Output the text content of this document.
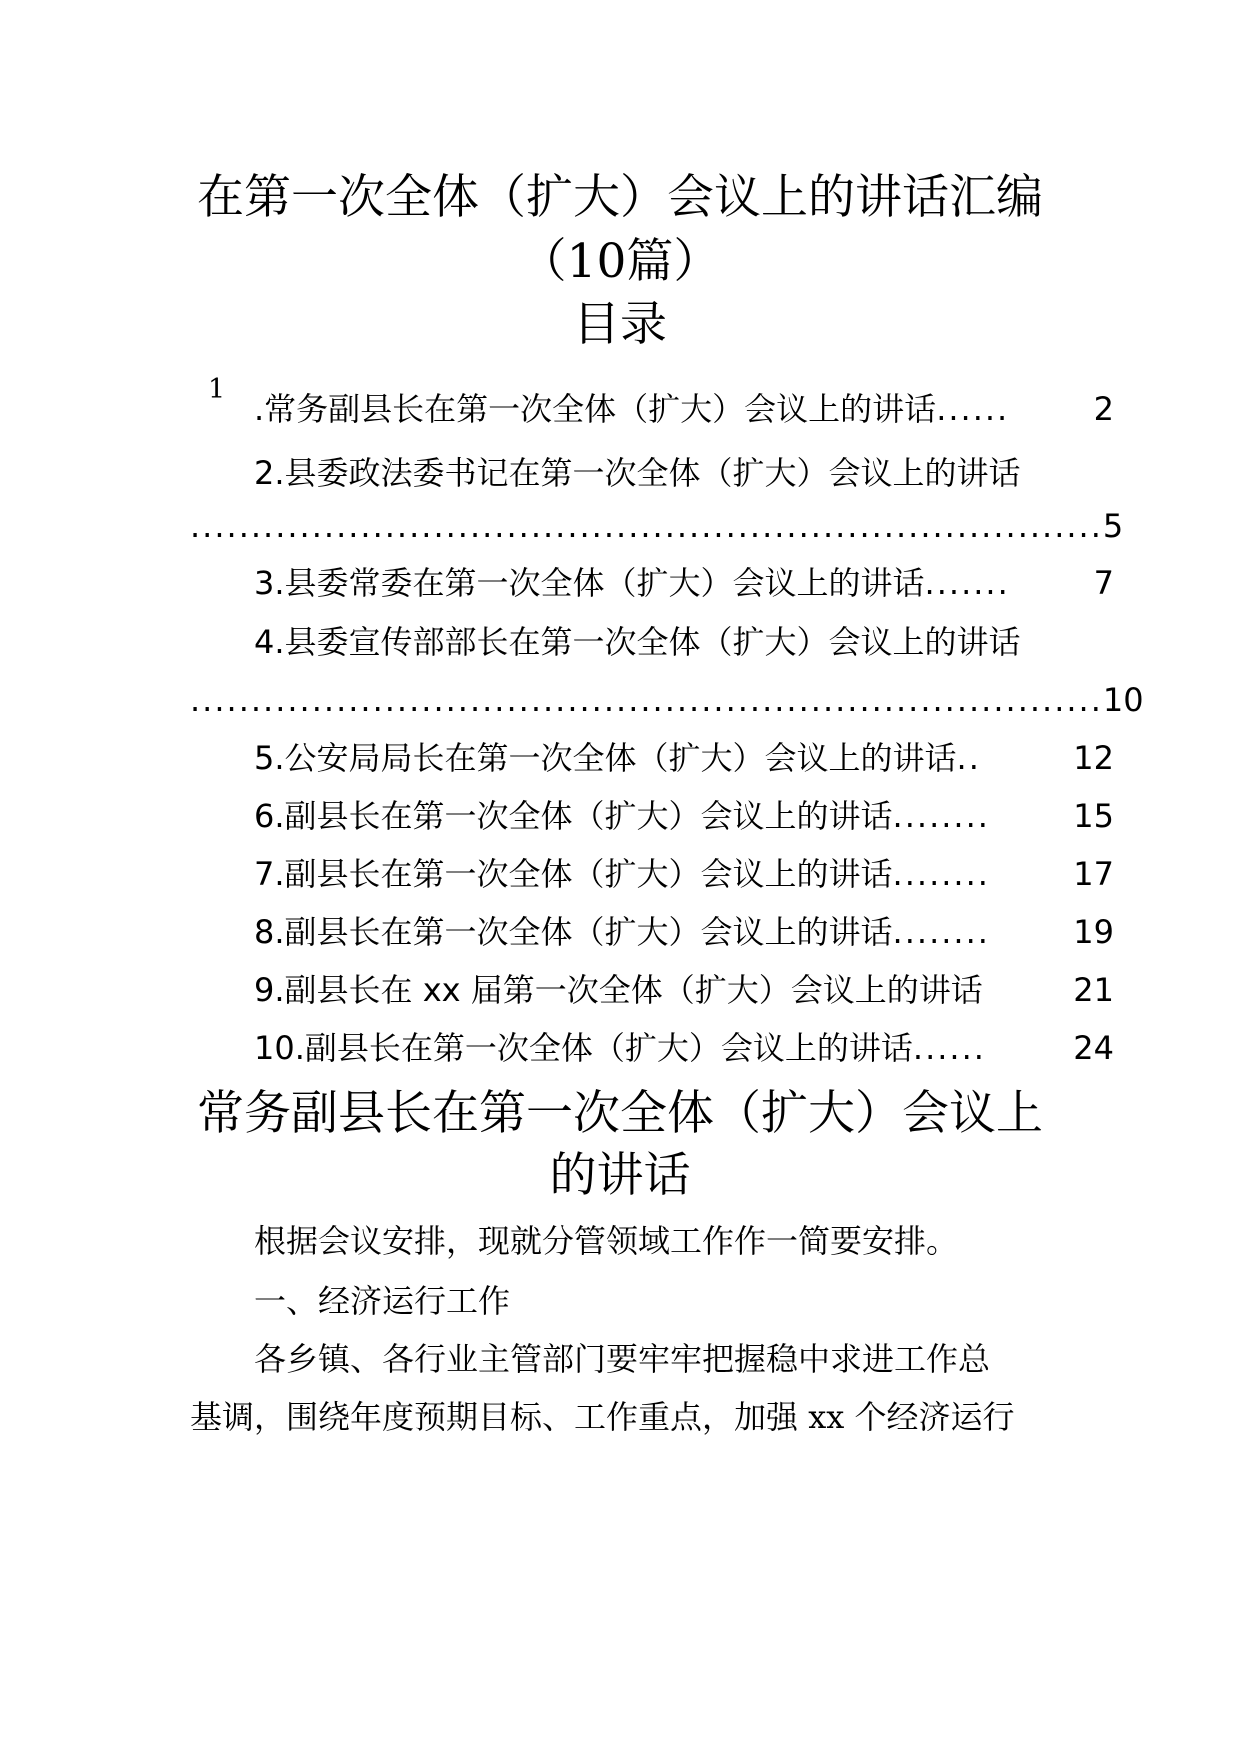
在第一次全体（扩大）会议上的讲话汇编
（10篇）
目录
1
.常务副县长在第一次全体（扩大）会议上的讲话 ......	2
2.县委政法委书记在第一次全体（扩大）会议上的讲话
........................................................................... 5
3.县委常委在第一次全体（扩大）会议上的讲话 .......	7
4.县委宣传部部长在第一次全体（扩大）会议上的讲话
........................................................................... 10
5.公安局局长在第一次全体（扩大）会议上的讲话 ..	12
6.副县长在第一次全体（扩大）会议上的讲话 ........	15
7.副县长在第一次全体（扩大）会议上的讲话 ........	17
8.副县长在第一次全体（扩大）会议上的讲话 ........	19
9.副县长在 xx 届第一次全体（扩大）会议上的讲话	21
10.副县长在第一次全体（扩大）会议上的讲话 ......	24
常务副县长在第一次全体（扩大）会议上
的讲话
根据会议安排，现就分管领域工作作一简要安排。
一、经济运行工作
各乡镇、各行业主管部门要牢牢把握稳中求进工作总
基调，围绕年度预期目标、工作重点，加强 xx 个经济运行
